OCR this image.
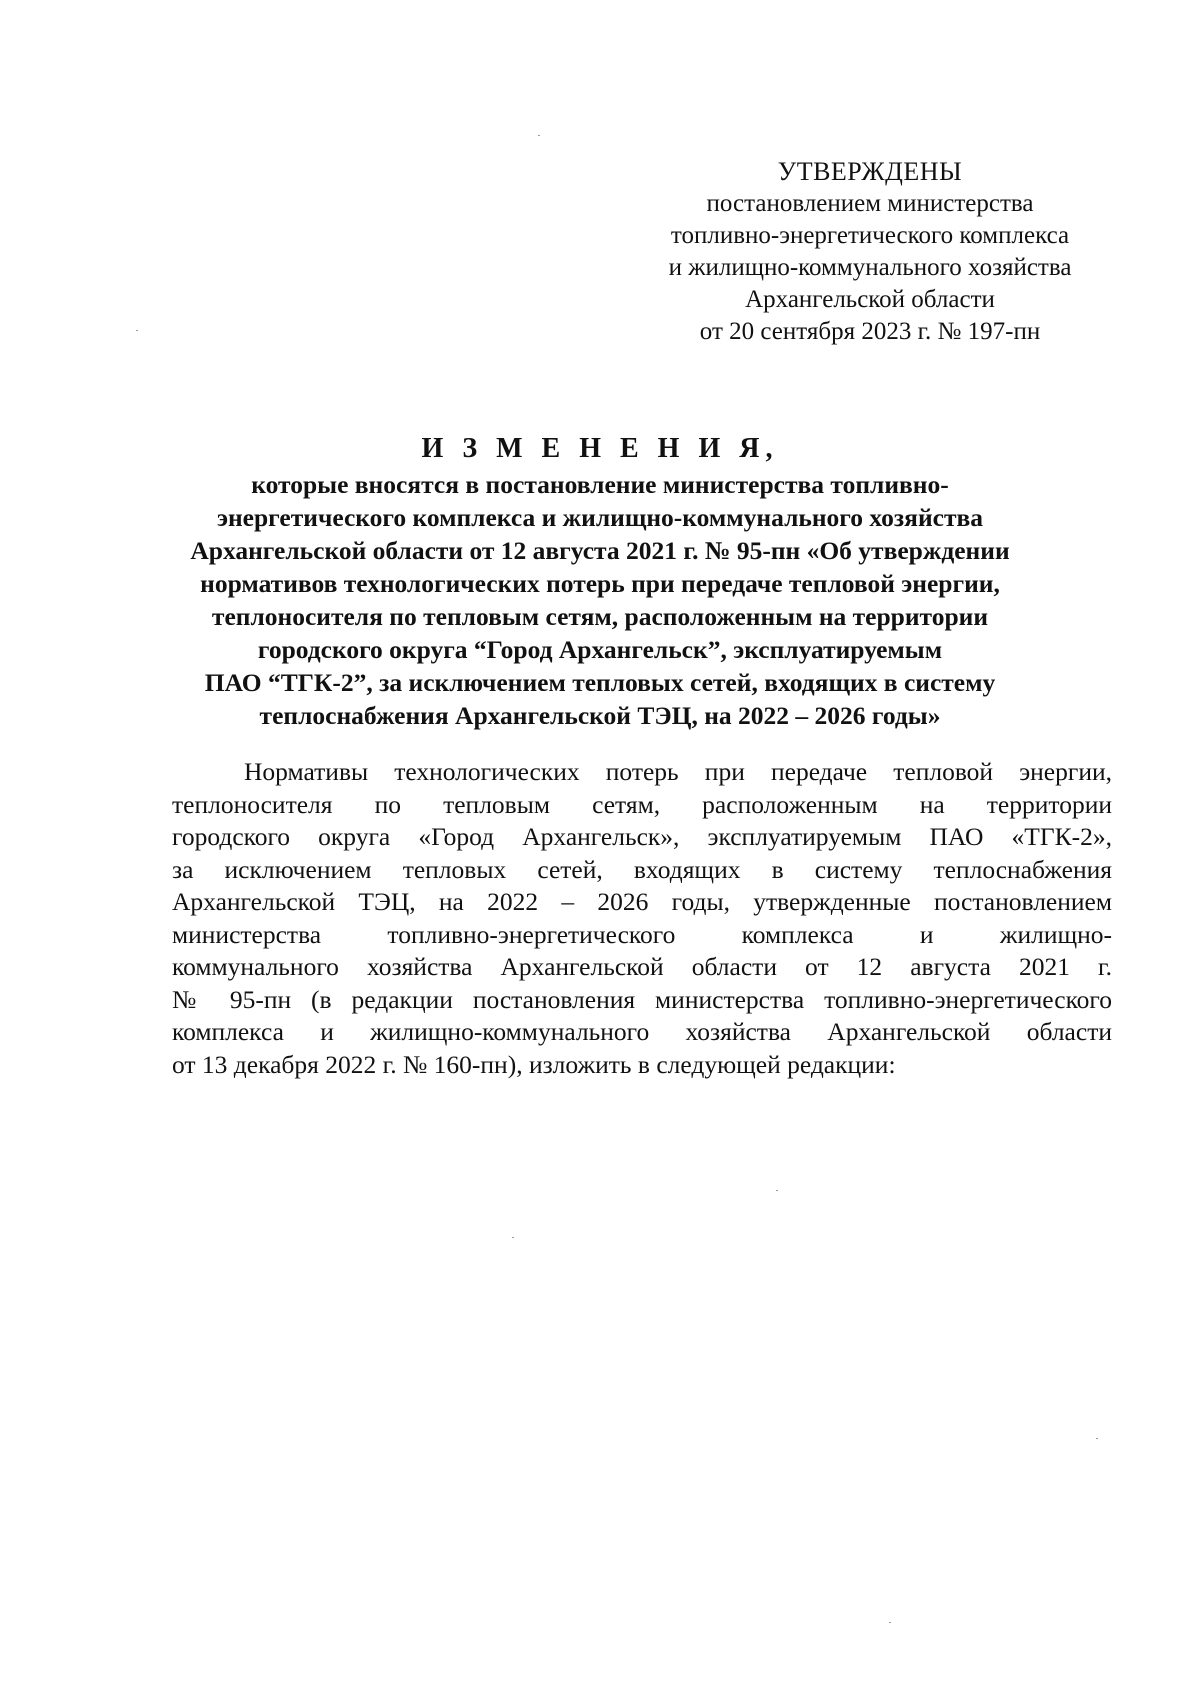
УТВЕРЖДЕНЫ
постановлением министерства
топливно-энергетического комплекса
и жилищно-коммунального хозяйства
Архангельской области
от 20 сентября 2023 г. № 197-пн
И З М Е Н Е Н И Я,
которые вносятся в постановление министерства топливно-
энергетического комплекса и жилищно-коммунального хозяйства
Архангельской области от 12 августа 2021 г. № 95-пн «Об утверждении
нормативов технологических потерь при передаче тепловой энергии,
теплоносителя по тепловым сетям, расположенным на территории
городского округа “Город Архангельск”, эксплуатируемым
ПАО “ТГК-2”, за исключением тепловых сетей, входящих в систему
теплоснабжения Архангельской ТЭЦ, на 2022 – 2026 годы»
Нормативы технологических потерь при передаче тепловой энергии,
теплоносителя по тепловым сетям, расположенным на территории
городского округа «Город Архангельск», эксплуатируемым ПАО «ТГК-2»,
за исключением тепловых сетей, входящих в систему теплоснабжения
Архангельской ТЭЦ, на 2022 – 2026 годы, утвержденные постановлением
министерства топливно-энергетического комплекса и жилищно-
коммунального хозяйства Архангельской области от 12 августа 2021 г.
№ 95-пн (в редакции постановления министерства топливно-энергетического
комплекса и жилищно-коммунального хозяйства Архангельской области
от 13 декабря 2022 г. № 160-пн), изложить в следующей редакции:
